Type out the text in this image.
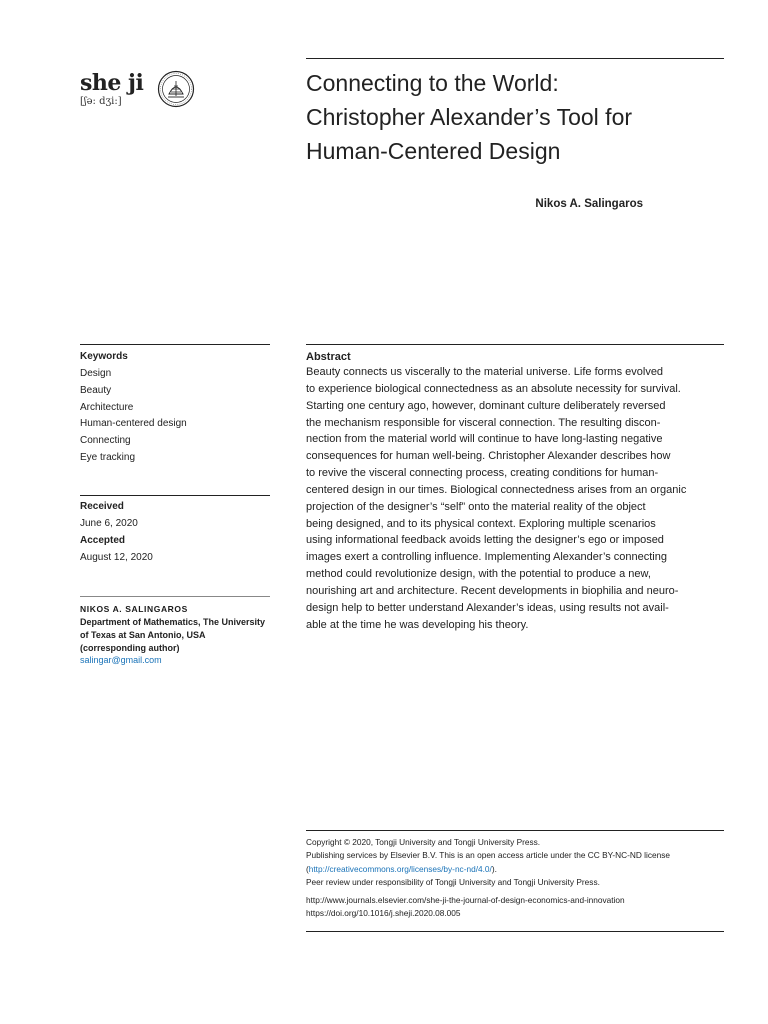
she ji
[ʃə: dʒi:]
Connecting to the World:
Christopher Alexander’s Tool for
Human-Centered Design
Nikos A. Salingaros
Keywords
Design
Beauty
Architecture
Human-centered design
Connecting
Eye tracking
Received
June 6, 2020
Accepted
August 12, 2020
NIKOS A. SALINGAROS
Department of Mathematics, The University
of Texas at San Antonio, USA
(corresponding author)
salingar@gmail.com
Abstract
Beauty connects us viscerally to the material universe. Life forms evolved
to experience biological connectedness as an absolute necessity for survival.
Starting one century ago, however, dominant culture deliberately reversed
the mechanism responsible for visceral connection. The resulting discon-
nection from the material world will continue to have long-lasting negative
consequences for human well-being. Christopher Alexander describes how
to revive the visceral connecting process, creating conditions for human-
centered design in our times. Biological connectedness arises from an organic
projection of the designer’s “self” onto the material reality of the object
being designed, and to its physical context. Exploring multiple scenarios
using informational feedback avoids letting the designer’s ego or imposed
images exert a controlling influence. Implementing Alexander’s connecting
method could revolutionize design, with the potential to produce a new,
nourishing art and architecture. Recent developments in biophilia and neuro-
design help to better understand Alexander’s ideas, using results not avail-
able at the time he was developing his theory.
Copyright © 2020, Tongji University and Tongji University Press.
Publishing services by Elsevier B.V. This is an open access article under the CC BY-NC-ND license
(http://creativecommons.org/licenses/by-nc-nd/4.0/).
Peer review under responsibility of Tongji University and Tongji University Press.
http://www.journals.elsevier.com/she-ji-the-journal-of-design-economics-and-innovation
https://doi.org/10.1016/j.sheji.2020.08.005
